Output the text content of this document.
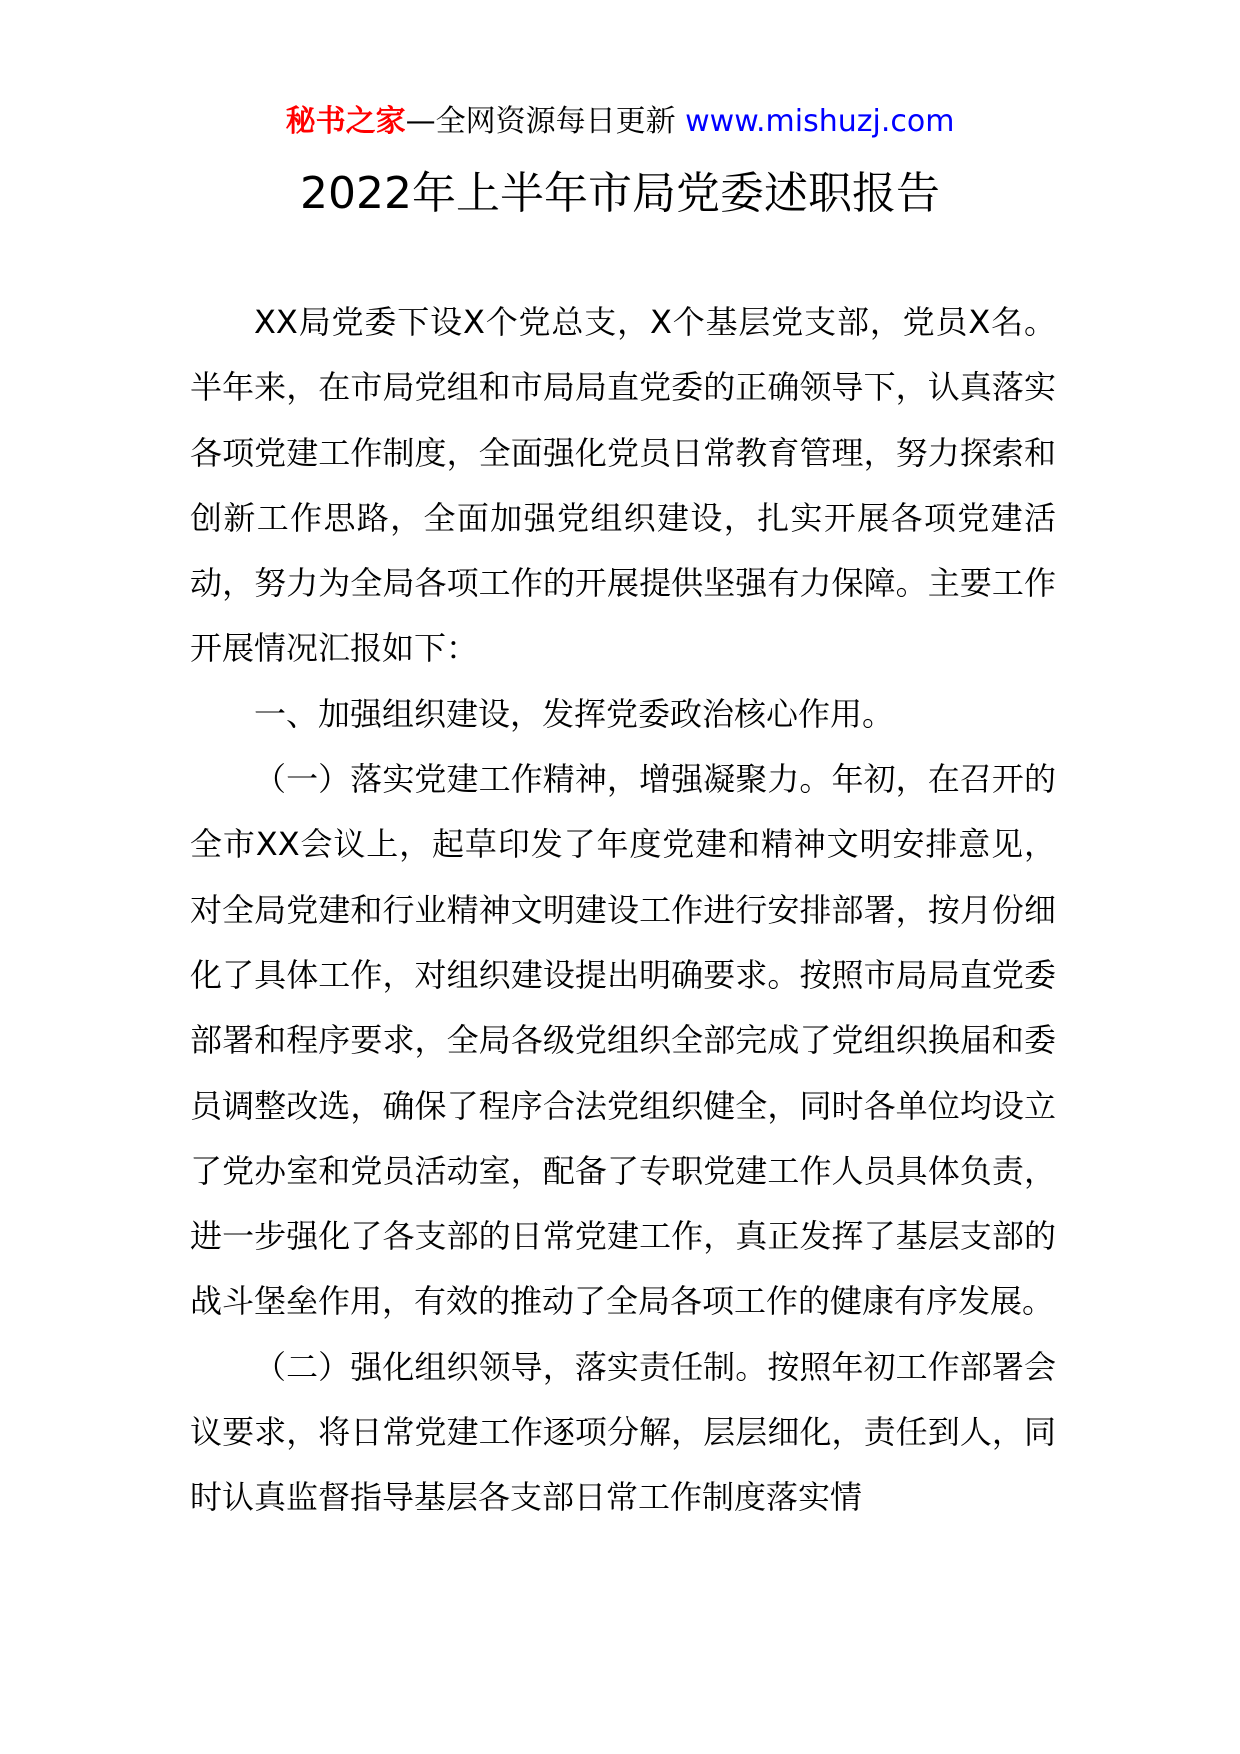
秘书之家—全网资源每日更新 www.mishuzj.com
2022年上半年市局党委述职报告

XX局党委下设X个党总支，X个基层党支部，党员X名。半年来，在市局党组和市局局直党委的正确领导下，认真落实各项党建工作制度，全面强化党员日常教育管理，努力探索和创新工作思路，全面加强党组织建设，扎实开展各项党建活动，努力为全局各项工作的开展提供坚强有力保障。主要工作开展情况汇报如下：

一、加强组织建设，发挥党委政治核心作用。

（一）落实党建工作精神，增强凝聚力。年初，在召开的全市XX会议上，起草印发了年度党建和精神文明安排意见，对全局党建和行业精神文明建设工作进行安排部署，按月份细化了具体工作，对组织建设提出明确要求。按照市局局直党委部署和程序要求，全局各级党组织全部完成了党组织换届和委员调整改选，确保了程序合法党组织健全，同时各单位均设立了党办室和党员活动室，配备了专职党建工作人员具体负责，进一步强化了各支部的日常党建工作，真正发挥了基层支部的战斗堡垒作用，有效的推动了全局各项工作的健康有序发展。

（二）强化组织领导，落实责任制。按照年初工作部署会议要求，将日常党建工作逐项分解，层层细化，责任到人，同时认真监督指导基层各支部日常工作制度落实情
